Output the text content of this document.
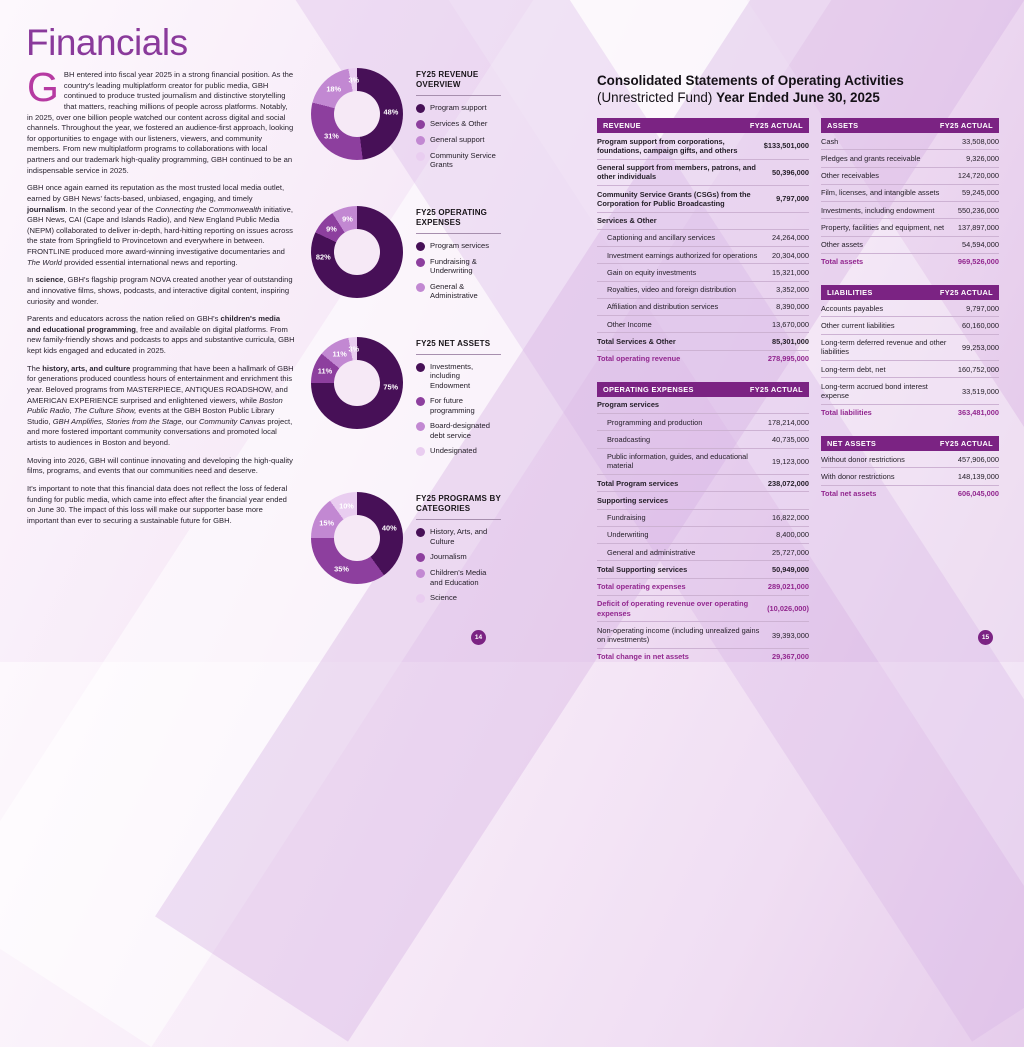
Financials

GBH entered into fiscal year 2025 in a strong financial position. As the country's leading multiplatform creator for public media, GBH continued to produce trusted journalism and distinctive storytelling that matters, reaching millions of people across platforms. Notably, in 2025, over one billion people watched our content across digital and social channels. Throughout the year, we fostered an audience-first approach, looking for opportunities to engage with our listeners, viewers, and community members. From new multiplatform programs to collaborations with local partners and our trademark high-quality programming, GBH continued to be an indispensable service in 2025.

GBH once again earned its reputation as the most trusted local media outlet, earned by GBH News' facts-based, unbiased, engaging, and timely journalism. In the second year of the Connecting the Commonwealth initiative, GBH News, CAI (Cape and Islands Radio), and New England Public Media (NEPM) collaborated to deliver in-depth, hard-hitting reporting on issues across the state from Springfield to Provincetown and everywhere in between. FRONTLINE produced more award-winning investigative documentaries and The World provided essential international news and reporting.

In science, GBH's flagship program NOVA created another year of outstanding and innovative films, shows, podcasts, and interactive digital content, inspiring curiosity and wonder.

Parents and educators across the nation relied on GBH's children's media and educational programming, free and available on digital platforms. From new family-friendly shows and podcasts to apps and substantive curricula, GBH kept kids engaged and educated in 2025.

The history, arts, and culture programming that have been a hallmark of GBH for generations produced countless hours of entertainment and enrichment this year. Beloved programs from MASTERPIECE, ANTIQUES ROADSHOW, and AMERICAN EXPERIENCE surprised and enlightened viewers, while Boston Public Radio, The Culture Show, events at the GBH Boston Public Library Studio, GBH Amplifies, Stories from the Stage, our Community Canvas project, and more fostered important community conversations and promoted local artists to audiences in Boston and beyond.

Moving into 2026, GBH will continue innovating and developing the high-quality films, programs, and events that our communities need and deserve.

It's important to note that this financial data does not reflect the loss of federal funding for public media, which came into effect after the financial year ended on June 30. The impact of this loss will make our supporter base more important than ever to securing a sustainable future for GBH.

48%
31%
18%
3%
FY25 REVENUE OVERVIEW
Program support
Services & Other
General support
Community Service Grants
82%
9%
9%
FY25 OPERATING EXPENSES
Program services
Fundraising & Underwriting
General & Administrative
75%
11%
11%
3%
FY25 NET ASSETS
Investments, including Endowment
For future programming
Board-designated debt service
Undesignated
40%
35%
15%
10%
FY25 PROGRAMS BY CATEGORIES
History, Arts, and Culture
Journalism
Children's Media and Education
Science
Consolidated Statements of Operating Activities
(Unrestricted Fund) Year Ended June 30, 2025
REVENUE	FY25 ACTUAL
Program support from corporations, foundations, campaign gifts, and others	$133,501,000
General support from members, patrons, and other individuals	50,396,000
Community Service Grants (CSGs) from the Corporation for Public Broadcasting	9,797,000
Services & Other
Captioning and ancillary services	24,264,000
Investment earnings authorized for operations	20,304,000
Gain on equity investments	15,321,000
Royalties, video and foreign distribution	3,352,000
Affiliation and distribution services	8,390,000
Other Income	13,670,000
Total Services & Other	85,301,000
Total operating revenue	278,995,000
OPERATING EXPENSES	FY25 ACTUAL
Program services
Programming and production	178,214,000
Broadcasting	40,735,000
Public information, guides, and educational material	19,123,000
Total Program services	238,072,000
Supporting services
Fundraising	16,822,000
Underwriting	8,400,000
General and administrative	25,727,000
Total Supporting services	50,949,000
Total operating expenses	289,021,000
Deficit of operating revenue over operating expenses	(10,026,000)
Non-operating income (including unrealized gains on investments)	39,393,000
Total change in net assets	29,367,000
ASSETS	FY25 ACTUAL
Cash	33,508,000
Pledges and grants receivable	9,326,000
Other receivables	124,720,000
Film, licenses, and intangible assets	59,245,000
Investments, including endowment	550,236,000
Property, facilities and equipment, net	137,897,000
Other assets	54,594,000
Total assets	969,526,000
LIABILITIES	FY25 ACTUAL
Accounts payables	9,797,000
Other current liabilities	60,160,000
Long-term deferred revenue and other liabilities	99,253,000
Long-term debt, net	160,752,000
Long-term accrued bond interest expense	33,519,000
Total liabilities	363,481,000
NET ASSETS	FY25 ACTUAL
Without donor restrictions	457,906,000
With donor restrictions	148,139,000
Total net assets	606,045,000
14	15
